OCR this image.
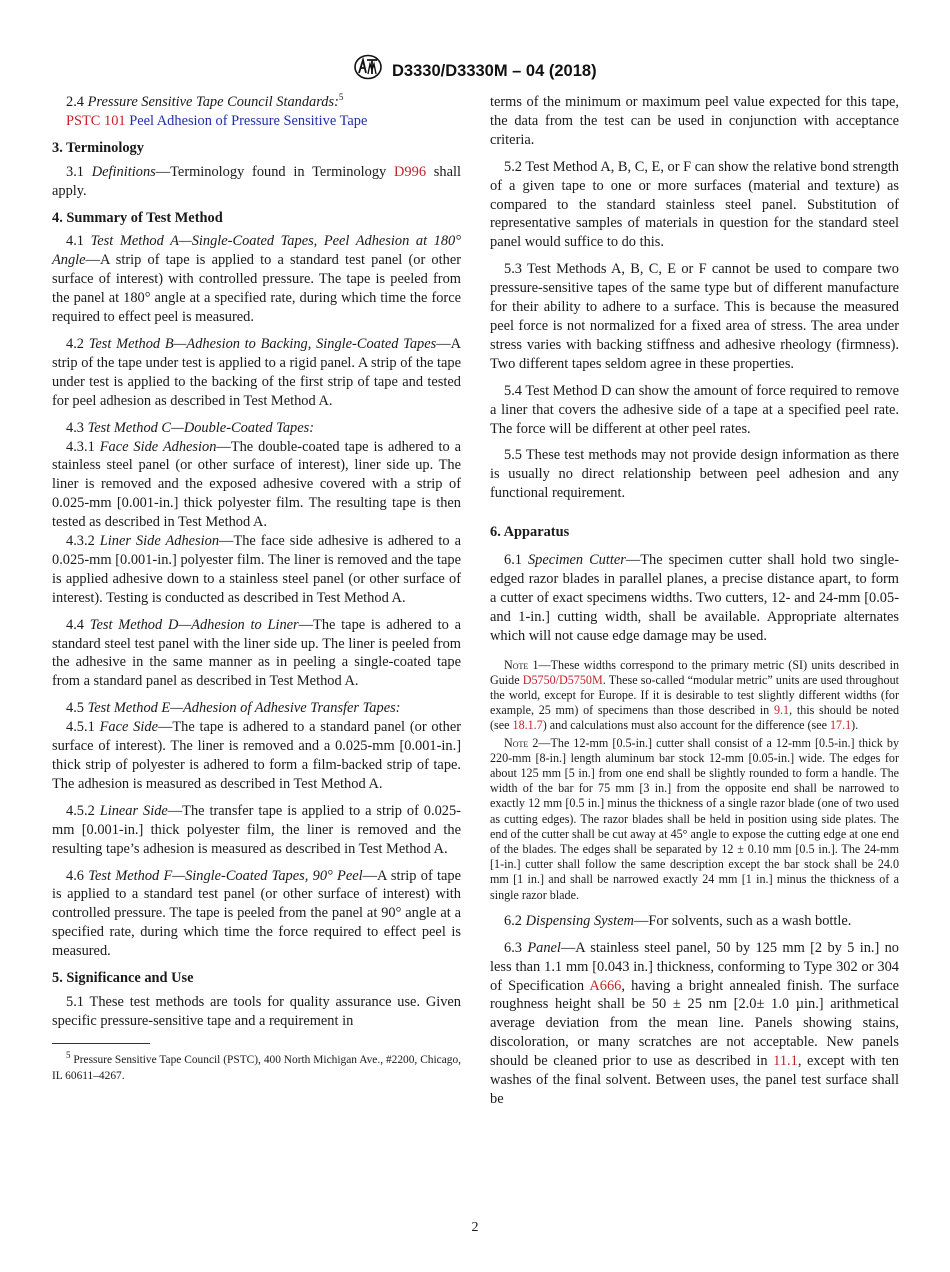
D3330/D3330M – 04 (2018)

2.4 Pressure Sensitive Tape Council Standards:$^5$

PSTC 101 Peel Adhesion of Pressure Sensitive Tape

3. Terminology

3.1 Definitions—Terminology found in Terminology D996 shall apply.

4. Summary of Test Method

4.1 Test Method A—Single-Coated Tapes, Peel Adhesion at 180° Angle—A strip of tape is applied to a standard test panel (or other surface of interest) with controlled pressure. The tape is peeled from the panel at 180° angle at a specified rate, during which time the force required to effect peel is measured.

4.2 Test Method B—Adhesion to Backing, Single-Coated Tapes—A strip of the tape under test is applied to a rigid panel. A strip of the tape under test is applied to the backing of the first strip of tape and tested for peel adhesion as described in Test Method A.

4.3 Test Method C—Double-Coated Tapes:

4.3.1 Face Side Adhesion—The double-coated tape is adhered to a stainless steel panel (or other surface of interest), liner side up. The liner is removed and the exposed adhesive covered with a strip of 0.025-mm [0.001-in.] thick polyester film. The resulting tape is then tested as described in Test Method A.

4.3.2 Liner Side Adhesion—The face side adhesive is adhered to a 0.025-mm [0.001-in.] polyester film. The liner is removed and the tape is applied adhesive down to a stainless steel panel (or other surface of interest). Testing is conducted as described in Test Method A.

4.4 Test Method D—Adhesion to Liner—The tape is adhered to a standard steel test panel with the liner side up. The liner is peeled from the adhesive in the same manner as in peeling a single-coated tape from a standard panel as described in Test Method A.

4.5 Test Method E—Adhesion of Adhesive Transfer Tapes:

4.5.1 Face Side—The tape is adhered to a standard panel (or other surface of interest). The liner is removed and a 0.025-mm [0.001-in.] thick strip of polyester is adhered to form a film-backed strip of tape. The adhesion is measured as described in Test Method A.

4.5.2 Linear Side—The transfer tape is applied to a strip of 0.025-mm [0.001-in.] thick polyester film, the liner is removed and the resulting tape’s adhesion is measured as described in Test Method A.

4.6 Test Method F—Single-Coated Tapes, 90° Peel—A strip of tape is applied to a standard test panel (or other surface of interest) with controlled pressure. The tape is peeled from the panel at 90° angle at a specified rate, during which time the force required to effect peel is measured.

5. Significance and Use

5.1 These test methods are tools for quality assurance use. Given specific pressure-sensitive tape and a requirement in

$^5$ Pressure Sensitive Tape Council (PSTC), 400 North Michigan Ave., #2200, Chicago, IL 60611–4267.

terms of the minimum or maximum peel value expected for this tape, the data from the test can be used in conjunction with acceptance criteria.

5.2 Test Method A, B, C, E, or F can show the relative bond strength of a given tape to one or more surfaces (material and texture) as compared to the standard stainless steel panel. Substitution of representative samples of materials in question for the standard steel panel would suffice to do this.

5.3 Test Methods A, B, C, E or F cannot be used to compare two pressure-sensitive tapes of the same type but of different manufacture for their ability to adhere to a surface. This is because the measured peel force is not normalized for a fixed area of stress. The area under stress varies with backing stiffness and adhesive rheology (firmness). Two different tapes seldom agree in these properties.

5.4 Test Method D can show the amount of force required to remove a liner that covers the adhesive side of a tape at a specified peel rate. The force will be different at other peel rates.

5.5 These test methods may not provide design information as there is usually no direct relationship between peel adhesion and any functional requirement.

6. Apparatus

6.1 Specimen Cutter—The specimen cutter shall hold two single-edged razor blades in parallel planes, a precise distance apart, to form a cutter of exact specimens widths. Two cutters, 12- and 24-mm [0.05- and 1-in.] cutting width, shall be available. Appropriate alternates which will not cause edge damage may be used.

Note 1—These widths correspond to the primary metric (SI) units described in Guide D5750/D5750M. These so-called “modular metric” units are used throughout the world, except for Europe. If it is desirable to test slightly different widths (for example, 25 mm) of specimens than those described in 9.1, this should be noted (see 18.1.7) and calculations must also account for the difference (see 17.1).

Note 2—The 12-mm [0.5-in.] cutter shall consist of a 12-mm [0.5-in.] thick by 220-mm [8-in.] length aluminum bar stock 12-mm [0.05-in.] wide. The edges for about 125 mm [5 in.] from one end shall be slightly rounded to form a handle. The width of the bar for 75 mm [3 in.] from the opposite end shall be narrowed to exactly 12 mm [0.5 in.] minus the thickness of a single razor blade (one of two used as cutting edges). The razor blades shall be held in position using side plates. The end of the cutter shall be cut away at 45° angle to expose the cutting edge at one end of the blades. The edges shall be separated by 12 ± 0.10 mm [0.5 in.]. The 24-mm [1-in.] cutter shall follow the same description except the bar stock shall be 24.0 mm [1 in.] and shall be narrowed exactly 24 mm [1 in.] minus the thickness of a single razor blade.

6.2 Dispensing System—For solvents, such as a wash bottle.

6.3 Panel—A stainless steel panel, 50 by 125 mm [2 by 5 in.] no less than 1.1 mm [0.043 in.] thickness, conforming to Type 302 or 304 of Specification A666, having a bright annealed finish. The surface roughness height shall be 50 ± 25 nm [2.0± 1.0 µin.] arithmetical average deviation from the mean line. Panels showing stains, discoloration, or many scratches are not acceptable. New panels should be cleaned prior to use as described in 11.1, except with ten washes of the final solvent. Between uses, the panel test surface shall be

2
